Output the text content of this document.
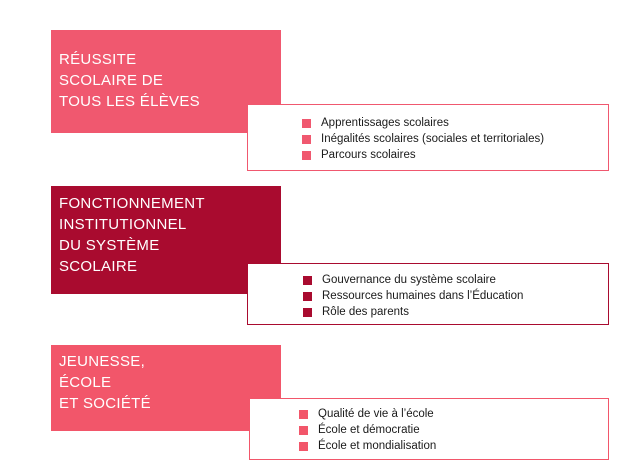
RÉUSSITE
SCOLAIRE DE
TOUS LES ÉLÈVES
1	Apprentissages scolaires
Inégalités scolaires (sociales et territoriales)
Parcours scolaires
FONCTIONNEMENT
INSTITUTIONNEL
DU SYSTÈME
SCOLAIRE	2	Gouvernance du système scolaire
Ressources humaines dans l’Éducation
Rôle des parents
JEUNESSE,
ÉCOLE
ET SOCIÉTÉ	3	Qualité de vie à l’école
École et démocratie
École et mondialisation
